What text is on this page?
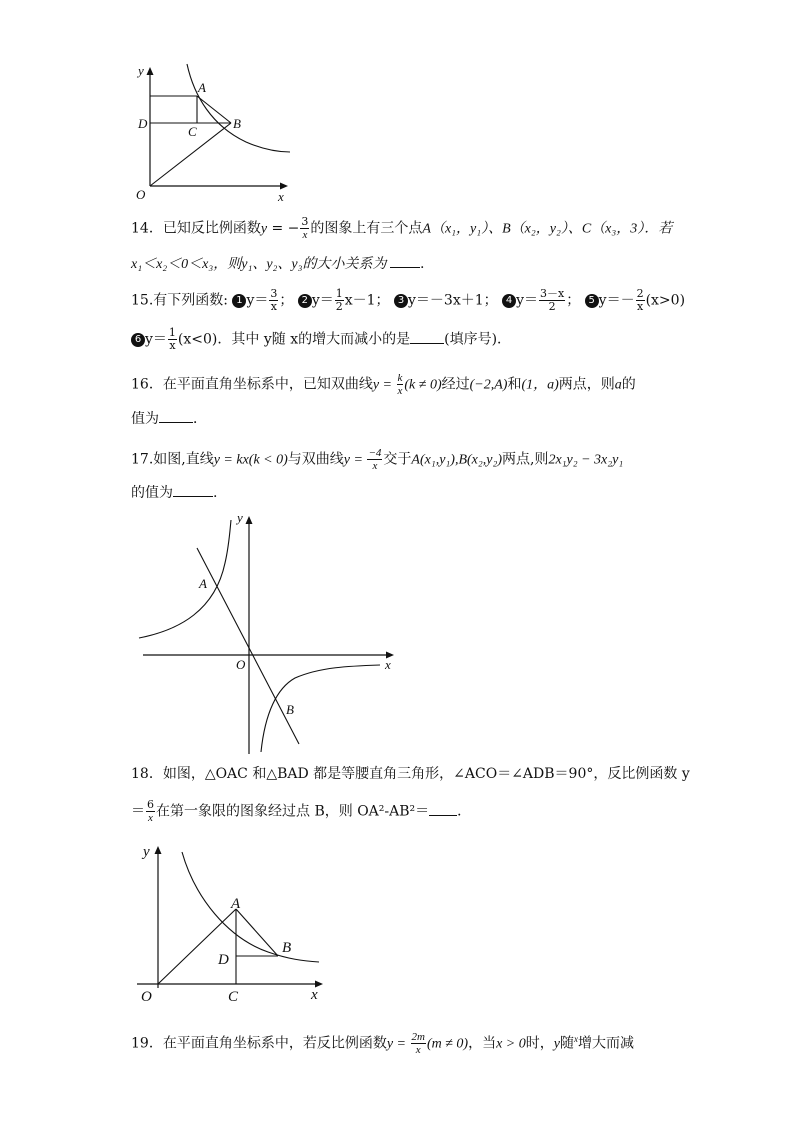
y
A
D
C
B
O	x
14．已知反比例函数y = − $\frac{3}{x}$ 的图象上有三个点A（x₁，y₁）、B（x₂，y₂）、C（x₃，3）．若
x₁＜x₂＜0＜x₃，则y₁、y₂、y₃的大小关系为 .
15.有下列函数: 1 $y= \frac{3}{x}$ ； 2 $y= \frac{1}{2} x-1$； 3 y＝－3x＋1； 4 $y= \frac{3-x}{2}$ ； 5 $y=- \frac{2}{x} (x>0)$
6 $y= \frac{1}{x} (x<0)$．其中 y随 x的增大而减小的是 (填序号)．
16．在平面直角坐标系中，已知双曲线$y = \frac{k}{x} (k \ne 0)$经过(−2,A)和(1，a)两点，则a的
值为 ．
17.如图,直线y = kx(k < 0)与双曲线$y = \frac{-4}{x}$ 交于A(x₁,y₁),B(x₂,y₂)两点,则2x₁y₂ − 3x₂y₁
的值为	.
y
A
O	x
B
18．如图，△OAC 和△BAD 都是等腰直角三角形，∠ACO＝∠ADB＝90°，反比例函数 y
＝ $\frac{6}{x}$ 在第一象限的图象经过点 B，则 OA²-AB²＝ ．
y
A
B
D
O	C	x
19．在平面直角坐标系中，若反比例函数$y = \frac{2m}{x} (m \ne 0)$，当x > 0时，y随$^x$增大而减
